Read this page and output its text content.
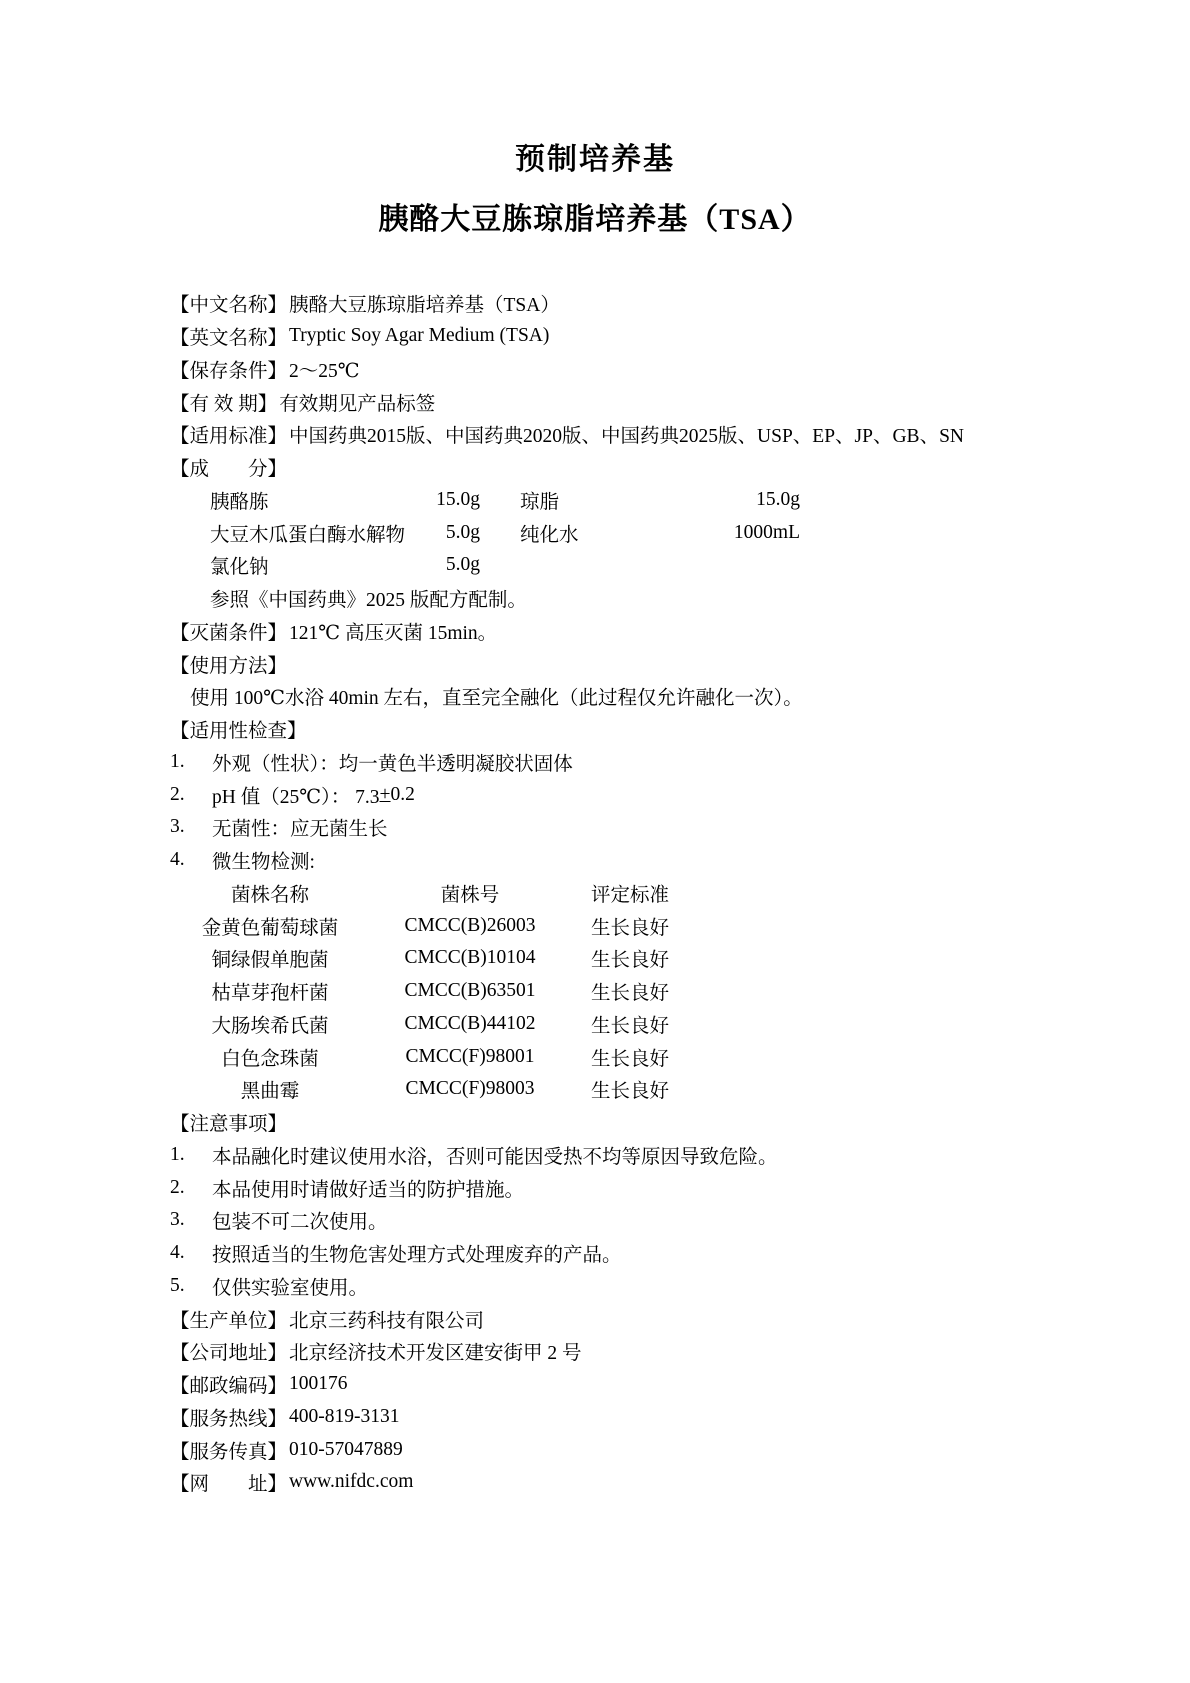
预制培养基
胰酪大豆胨琼脂培养基（TSA）
【中文名称】 胰酪大豆胨琼脂培养基（TSA）
【英文名称】 Tryptic Soy Agar Medium (TSA)
【保存条件】 2～25℃
【有 效 期】 有效期见产品标签
【适用标准】 中国药典2015版、中国药典2020版、中国药典2025版、USP、EP、JP、GB、SN
【成　　分】
胰酪胨	15.0g 琼脂	15.0g
大豆木瓜蛋白酶水解物	5.0g 纯化水	1000mL
氯化钠	5.0g
参照《中国药典》2025 版配方配制。
【灭菌条件】 121℃ 高压灭菌 15min。
【使用方法】
使用 100℃水浴 40min 左右，直至完全融化（此过程仅允许融化一次）。
【适用性检查】
1.	外观（性状）：均一黄色半透明凝胶状固体
2.	pH 值（25℃）： 7.3 + 0.2
3.	无菌性：应无菌生长
4.	微生物检测:
菌株名称	菌株号	评定标准
金黄色葡萄球菌	CMCC(B)26003	生长良好
铜绿假单胞菌	CMCC(B)10104	生长良好
枯草芽孢杆菌	CMCC(B)63501	生长良好
大肠埃希氏菌	CMCC(B)44102	生长良好
白色念珠菌	CMCC(F)98001	生长良好
黑曲霉	CMCC(F)98003	生长良好
【注意事项】
1.	本品融化时建议使用水浴，否则可能因受热不均等原因导致危险。
2.	本品使用时请做好适当的防护措施。
3.	包装不可二次使用。
4.	按照适当的生物危害处理方式处理废弃的产品。
5.	仅供实验室使用。
【生产单位】 北京三药科技有限公司
【公司地址】 北京经济技术开发区建安街甲 2 号
【邮政编码】 100176
【服务热线】 400-819-3131
【服务传真】 010-57047889
【网　　址】 www.nifdc.com
